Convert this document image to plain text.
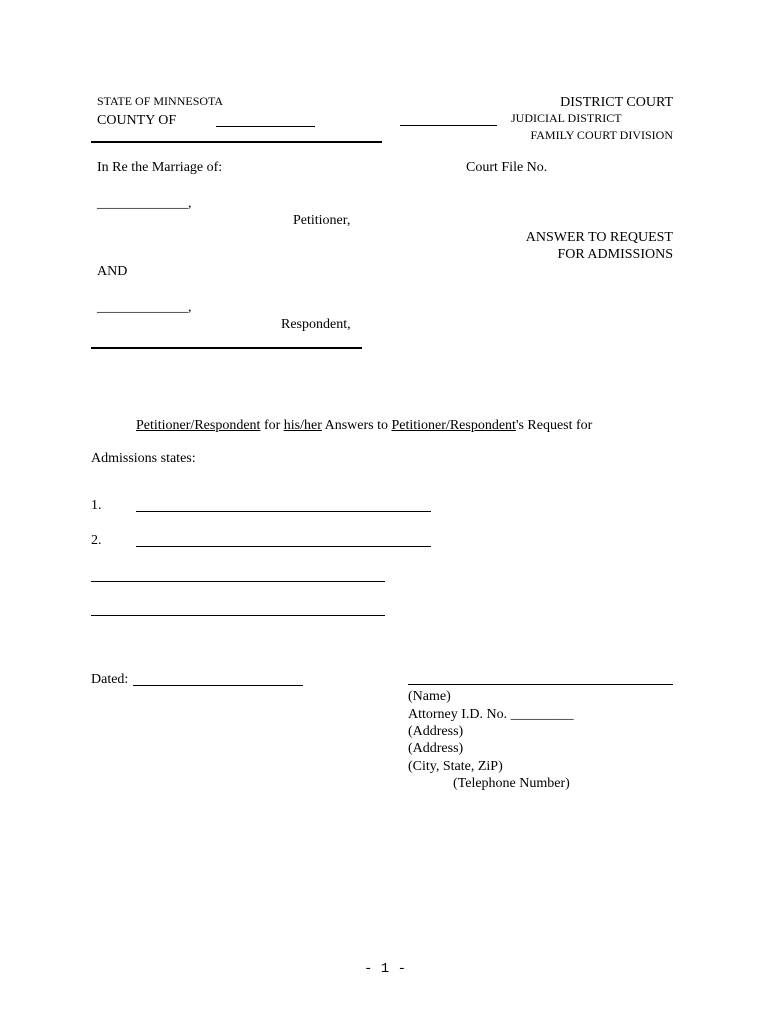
STATE OF MINNESOTA
COUNTY OF
DISTRICT COURT
JUDICIAL DISTRICT
FAMILY COURT DIVISION
In Re the Marriage of:	Court File No.
_____________,
Petitioner,
ANSWER TO REQUEST
FOR ADMISSIONS
AND
_____________,
Respondent,
Petitioner/Respondent for his/her Answers to Petitioner/Respondent's Request for
Admissions states:
1.
2.
Dated:
(Name)
Attorney I.D. No. _________
(Address)
(Address)
(City, State, ZiP)
(Telephone Number)
- 1 -
